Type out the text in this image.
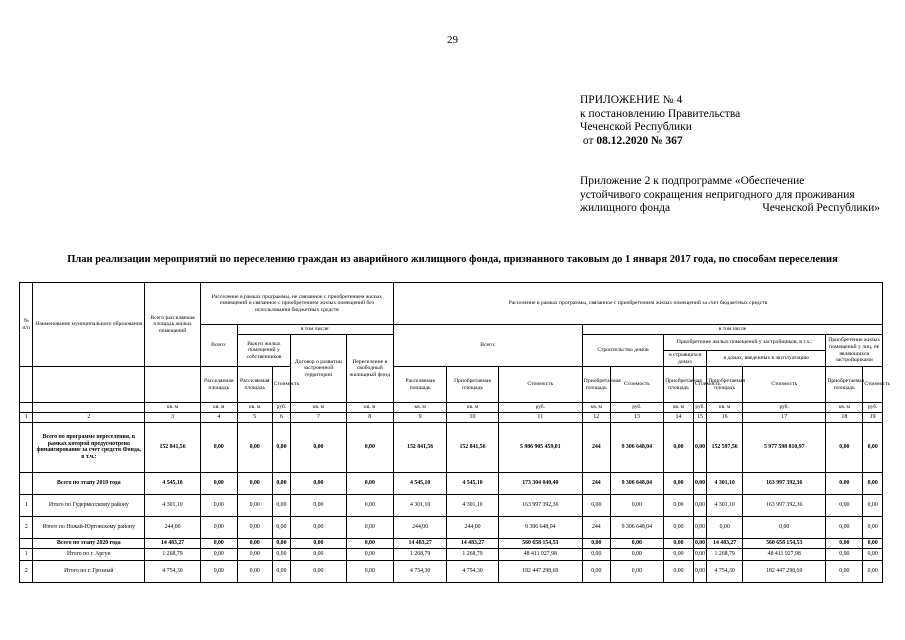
29
ПРИЛОЖЕНИЕ № 4
к постановлению Правительства
Чеченской Республики
от 08.12.2020 № 367
Приложение 2 к подпрограмме «Обеспечение
устойчивого сокращения непригодного для проживания
жилищного фонда	Чеченской Республики»
План реализации мероприятий по переселению граждан из аварийного жилищного фонда, признанного таковым до 1 января 2017 года, по способам переселения
№ п/п	Наименование муниципального образования	Всего расселяемая площадь жилых помещений	Расселение в рамках программы, не связанное с приобретением жилых помещений и связанное с приобретением жилых помещений без использования бюджетных средств					Расселение в рамках программы, связанное с приобретением жилых помещений за счет бюджетных средств										
			Всего:	в том числе:				Всего:			в том числе							
				Выкуп жилых помещений у собственников		Договор о развитии застроенной территории	Переселение в свободный жилищный фонд				Строительство домов		Приобретение жилых помещений у застройщиков, в т.ч.:				Приобретение жилых помещений у лиц, не являющихся застройщиками	
													в строящихся домах		в домах, введенных в эксплуатацию			
			Расселяемая площадь	Расселяемая площадь	Стоимость			Расселяемая площадь	Приобретаемая площадь	Стоимость	Приобретаемая площадь	Стоимость	Приобретаемая площадь	Стоимость	Приобретаемая площадь	Стоимость	Приобретаемая площадь	Стоимость
		кв. м	кв. м	кв. м	руб.	кв. м	кв. м	кв. м	кв. м	руб.	кв. м	руб.	кв. м	руб.	кв. м	руб.	кв. м	руб.
1	2	3	4	5	6	7	8	9	10	11	12	13	14	15	16	17	18	19
	Всего по программе переселения, в рамках которой предусмотрено финансирование за счет средств Фонда, в т.ч.:	152 841,56	0,00	0,00	0,00	0,00	0,00	152 841,56	152 841,56	5 986 905 459,01	244	9 306 648,04	0,00	0,00	152 597,56	5 977 598 810,97	0,00	0,00
	Всего по этапу 2019 года	4 545,10	0,00	0,00	0,00	0,00	0,00	4 545,10	4 545,10	173 304 040,40	244	9 306 648,04	0,00	0,00	4 301,10	163 997 392,36	0,00	0,00
1	Итого по Гудермесскому району	4 301,10	0,00	0,00	0,00	0,00	0,00	4 301,10	4 301,10	163 997 392,36	0,00	0,00	0,00	0,00	4 301,10	163 997 392,36	0,00	0,00
2	Итого по Ножай-Юртовскому району	244,00	0,00	0,00	0,00	0,00	0,00	244,00	244,00	9 306 648,04	244	9 306 648,04	0,00	0,00	0,00	0,00	0,00	0,00
	Всего по этапу 2020 года	14 483,27	0,00	0,00	0,00	0,00	0,00	14 483,27	14 483,27	560 658 154,53	0,00	0,00	0,00	0,00	14 483,27	560 658 154,53	0,00	0,00
1	Итого по г. Аргун	1 268,79	0,00	0,00	0,00	0,00	0,00	1 268,79	1 268,79	48 411 927,98	0,00	0,00	0,00	0,00	1 268,79	48 411 927,98	0,00	0,00
2	Итого по г. Грозный	4 754,30	0,00	0,00	0,00	0,00	0,00	4 754,30	4 754,30	182 447 298,69	0,00	0,00	0,00	0,00	4 754,30	182 447 298,69	0,00	0,00
